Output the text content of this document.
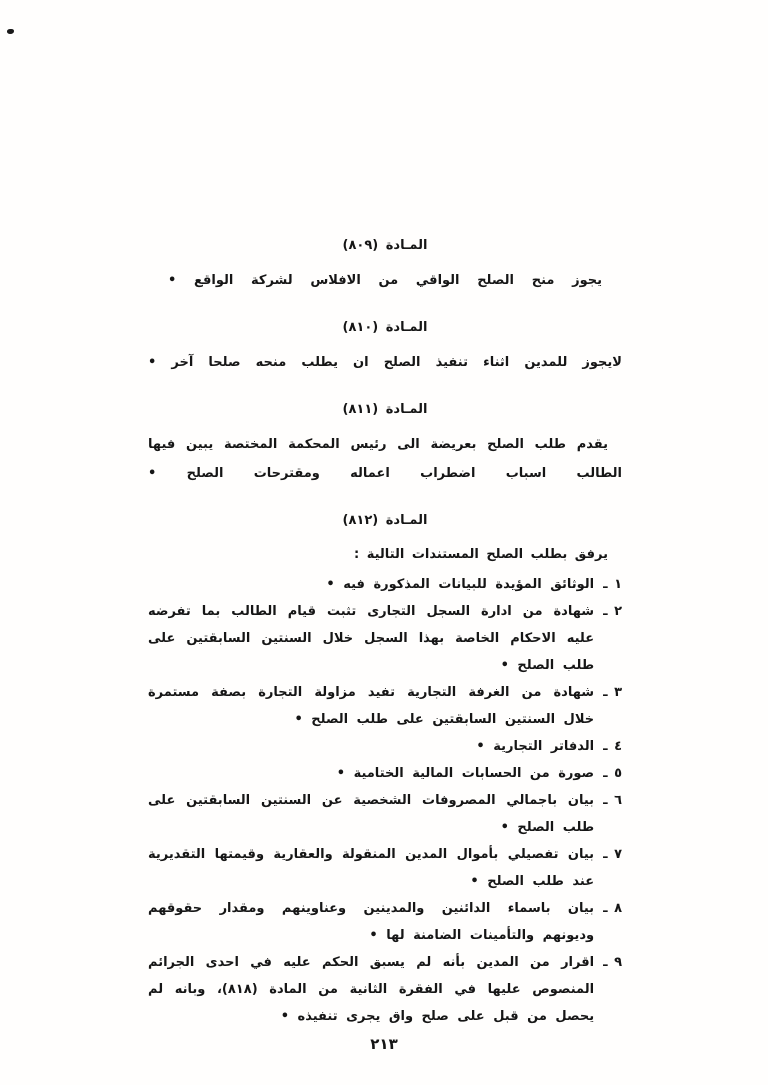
المـادة (٨٠٩)

يجوز منح الصلح الواقي من الافلاس لشركة الواقع •

المـادة (٨١٠)

لايجوز للمدين اثناء تنفيذ الصلح ان يطلب منحه صلحا آخر •

المـادة (٨١١)

يقدم طلب الصلح بعريضة الى رئيس المحكمة المختصة يبين فيها الطالب اسباب اضطراب اعماله ومقترحات الصلح •

المـادة (٨١٢)

يرفق بطلب الصلح المستندات التالية :

١ ـ
الوثائق المؤيدة للبيانات المذكورة فيه •
٢ ـ
شهادة من ادارة السجل التجارى تثبت قيام الطالب بما تفرضه عليه الاحكام الخاصة بهذا السجل خلال السنتين السابقتين على طلب الصلح •
٣ ـ
شهادة من الغرفة التجارية تفيد مزاولة التجارة بصفة مستمرة خلال السنتين السابقتين على طلب الصلح •
٤ ـ
الدفاتر التجارية •
٥ ـ
صورة من الحسابات المالية الختامية •
٦ ـ
بيان باجمالي المصروفات الشخصية عن السنتين السابقتين على طلب الصلح •
٧ ـ
بيان تفصيلي بأموال المدين المنقولة والعقارية وقيمتها التقديرية عند طلب الصلح •
٨ ـ
بيان باسماء الدائنين والمدينين وعناوينهم ومقدار حقوقهم وديونهم والتأمينات الضامنة لها •
٩ ـ
اقرار من المدين بأنه لم يسبق الحكم عليه في احدى الجرائم المنصوص عليها في الفقرة الثانية من المادة (٨١٨)، وبانه لم يحصل من قبل على صلح واق يجرى تنفيذه •
٢١٣
